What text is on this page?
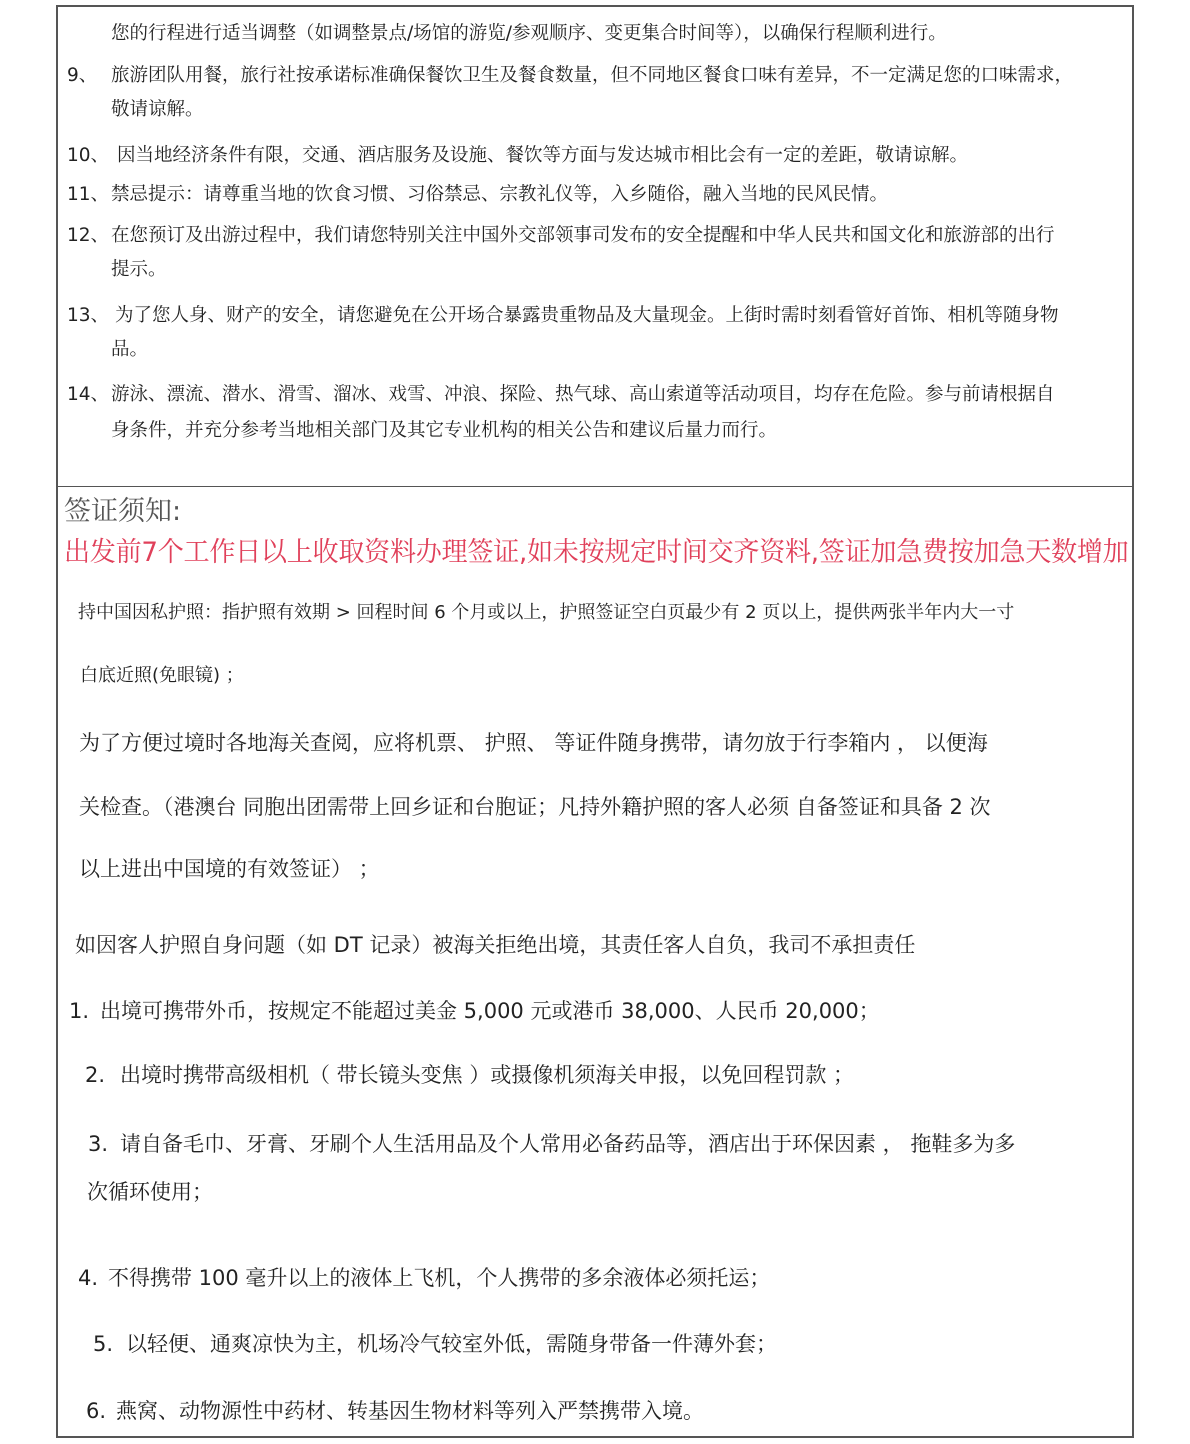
您的行程进行适当调整（如调整景点/场馆的游览/参观顺序、变更集合时间等），以确保行程顺利进行。
9、 旅游团队用餐，旅行社按承诺标准确保餐饮卫生及餐食数量，但不同地区餐食口味有差异，不一定满足您的口味需求，
敬请谅解。
10、 因当地经济条件有限，交通、酒店服务及设施、餐饮等方面与发达城市相比会有一定的差距，敬请谅解。
11、 禁忌提示：请尊重当地的饮食习惯、习俗禁忌、宗教礼仪等，入乡随俗，融入当地的民风民情。
12、 在您预订及出游过程中，我们请您特别关注中国外交部领事司发布的安全提醒和中华人民共和国文化和旅游部的出行
提示。
13、 为了您人身、财产的安全，请您避免在公开场合暴露贵重物品及大量现金。上街时需时刻看管好首饰、相机等随身物
品。
14、 游泳、漂流、潜水、滑雪、溜冰、戏雪、冲浪、探险、热气球、高山索道等活动项目，均存在危险。参与前请根据自
身条件，并充分参考当地相关部门及其它专业机构的相关公告和建议后量力而行。
签证须知:
出发前7个工作日以上收取资料办理签证,如未按规定时间交齐资料,签证加急费按加急天数增加
持中国因私护照：指护照有效期 > 回程时间 6 个月或以上，护照签证空白页最少有 2 页以上，提供两张半年内大一寸
白底近照(免眼镜) ；
为了方便过境时各地海关查阅，应将机票、 护照、 等证件随身携带，请勿放于行李箱内 ， 以便海
关检查。（港澳台 同胞出团需带上回乡证和台胞证；凡持外籍护照的客人必须 自备签证和具备 2 次
以上进出中国境的有效签证） ；
如因客人护照自身问题（如 DT 记录）被海关拒绝出境，其责任客人自负，我司不承担责任
1. 出境可携带外币，按规定不能超过美金 5,000 元或港币 38,000、人民币 20,000；
2. 出境时携带高级相机（ 带长镜头变焦 ）或摄像机须海关申报，以免回程罚款 ；
3. 请自备毛巾、牙膏、牙刷个人生活用品及个人常用必备药品等，酒店出于环保因素 ， 拖鞋多为多
次循环使用；
4. 不得携带 100 毫升以上的液体上飞机，个人携带的多余液体必须托运；
5. 以轻便、通爽凉快为主，机场冷气较室外低，需随身带备一件薄外套；
6. 燕窝、动物源性中药材、转基因生物材料等列入严禁携带入境。
